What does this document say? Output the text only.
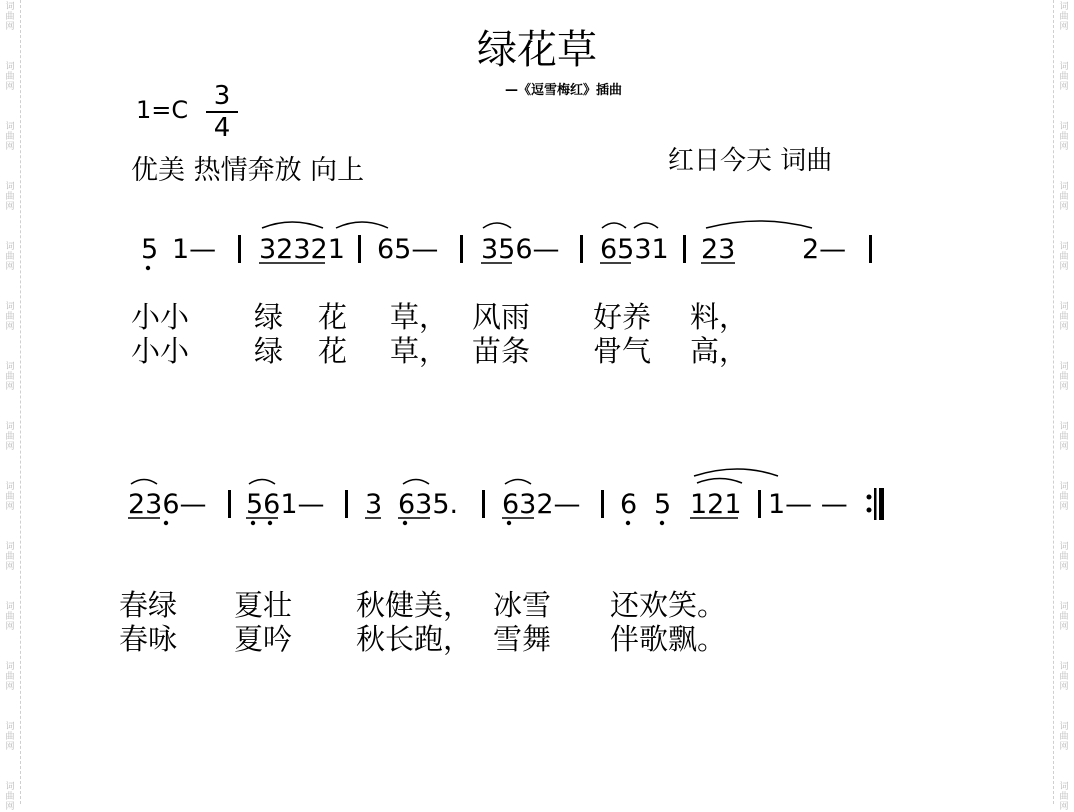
词
曲
网
词
曲
网
词
曲
网
词
曲
网
词
曲
网
词
曲
网
词
曲
网
词
曲
网
词
曲
网
词
曲
网
词
曲
网
词
曲
网
词
曲
网
词
曲
网
词
曲
网
词
曲
网
词
曲
网
词
曲
网
词
曲
网
词
曲
网
词
曲
网
词
曲
网
词
曲
网
词
曲
网
词
曲
网
词
曲
网
词
曲
网
词
曲
网
绿花草
—《逗雪梅红》插曲
1=C 3
4
优美 热情奔放 向上	红日今天 词曲
5 1— 32321 65— 356— 6531 23 2—
236— 561— 3 635. 632— 6 5 121 1— —
小小 绿 花 草， 风雨 好养 料，
小小 绿 花 草， 苗条 骨气 高，
春绿 夏壮 秋健美， 冰雪 还欢笑。
春咏 夏吟 秋长跑， 雪舞 伴歌飘。
